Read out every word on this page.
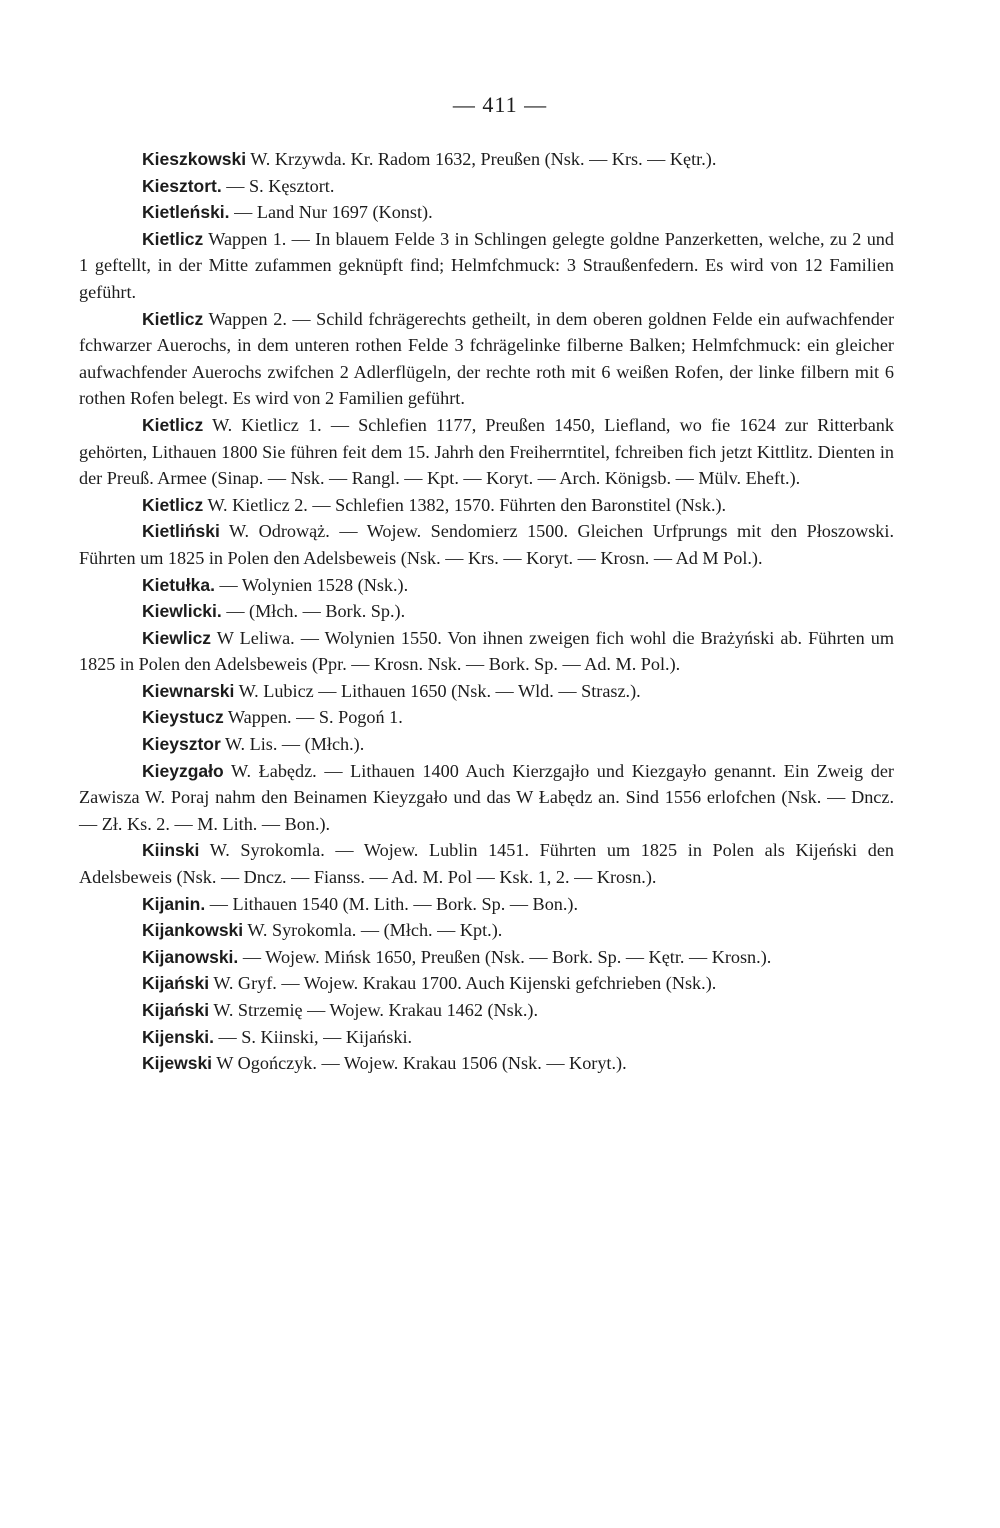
— 411 —

Kieszkowski W. Krzywda. Kr. Radom 1632, Preußen (Nsk. — Krs. — Kętr.).

Kiesztort. — S. Kęsztort.

Kietleński. — Land Nur 1697 (Konst).

Kietlicz Wappen 1. — In blauem Felde 3 in Schlingen gelegte goldne Panzerketten, welche, zu 2 und 1 geftellt, in der Mitte zufammen geknüpft find; Helmfchmuck: 3 Straußenfedern. Es wird von 12 Familien geführt.

Kietlicz Wappen 2. — Schild fchrägerechts getheilt, in dem oberen goldnen Felde ein aufwachfender fchwarzer Auerochs, in dem unteren rothen Felde 3 fchrägelinke filberne Balken; Helmfchmuck: ein gleicher aufwachfender Auerochs zwifchen 2 Adlerflügeln, der rechte roth mit 6 weißen Rofen, der linke filbern mit 6 rothen Rofen belegt. Es wird von 2 Familien geführt.

Kietlicz W. Kietlicz 1. — Schlefien 1177, Preußen 1450, Liefland, wo fie 1624 zur Ritterbank gehörten, Lithauen 1800 Sie führen feit dem 15. Jahrh den Freiherrntitel, fchreiben fich jetzt Kittlitz. Dienten in der Preuß. Armee (Sinap. — Nsk. — Rangl. — Kpt. — Koryt. — Arch. Königsb. — Mülv. Eheft.).

Kietlicz W. Kietlicz 2. — Schlefien 1382, 1570. Führten den Baronstitel (Nsk.).

Kietliński W. Odrowąż. — Wojew. Sendomierz 1500. Gleichen Urfprungs mit den Płoszowski. Führten um 1825 in Polen den Adelsbeweis (Nsk. — Krs. — Koryt. — Krosn. — Ad M Pol.).

Kietułka. — Wolynien 1528 (Nsk.).

Kiewlicki. — (Młch. — Bork. Sp.).

Kiewlicz W Leliwa. — Wolynien 1550. Von ihnen zweigen fich wohl die Brażyński ab. Führten um 1825 in Polen den Adelsbeweis (Ppr. — Krosn. Nsk. — Bork. Sp. — Ad. M. Pol.).

Kiewnarski W. Lubicz — Lithauen 1650 (Nsk. — Wld. — Strasz.).

Kieystucz Wappen. — S. Pogoń 1.

Kieysztor W. Lis. — (Młch.).

Kieyzgało W. Łabędz. — Lithauen 1400 Auch Kierzgajło und Kiezgayło genannt. Ein Zweig der Zawisza W. Poraj nahm den Beinamen Kieyzgało und das W Łabędz an. Sind 1556 erlofchen (Nsk. — Dncz. — Zł. Ks. 2. — M. Lith. — Bon.).

Kiinski W. Syrokomla. — Wojew. Lublin 1451. Führten um 1825 in Polen als Kijeński den Adelsbeweis (Nsk. — Dncz. — Fianss. — Ad. M. Pol — Ksk. 1, 2. — Krosn.).

Kijanin. — Lithauen 1540 (M. Lith. — Bork. Sp. — Bon.).

Kijankowski W. Syrokomla. — (Młch. — Kpt.).

Kijanowski. — Wojew. Mińsk 1650, Preußen (Nsk. — Bork. Sp. — Kętr. — Krosn.).

Kijański W. Gryf. — Wojew. Krakau 1700. Auch Kijenski gefchrieben (Nsk.).

Kijański W. Strzemię — Wojew. Krakau 1462 (Nsk.).

Kijenski. — S. Kiinski, — Kijański.

Kijewski W Ogończyk. — Wojew. Krakau 1506 (Nsk. — Koryt.).
